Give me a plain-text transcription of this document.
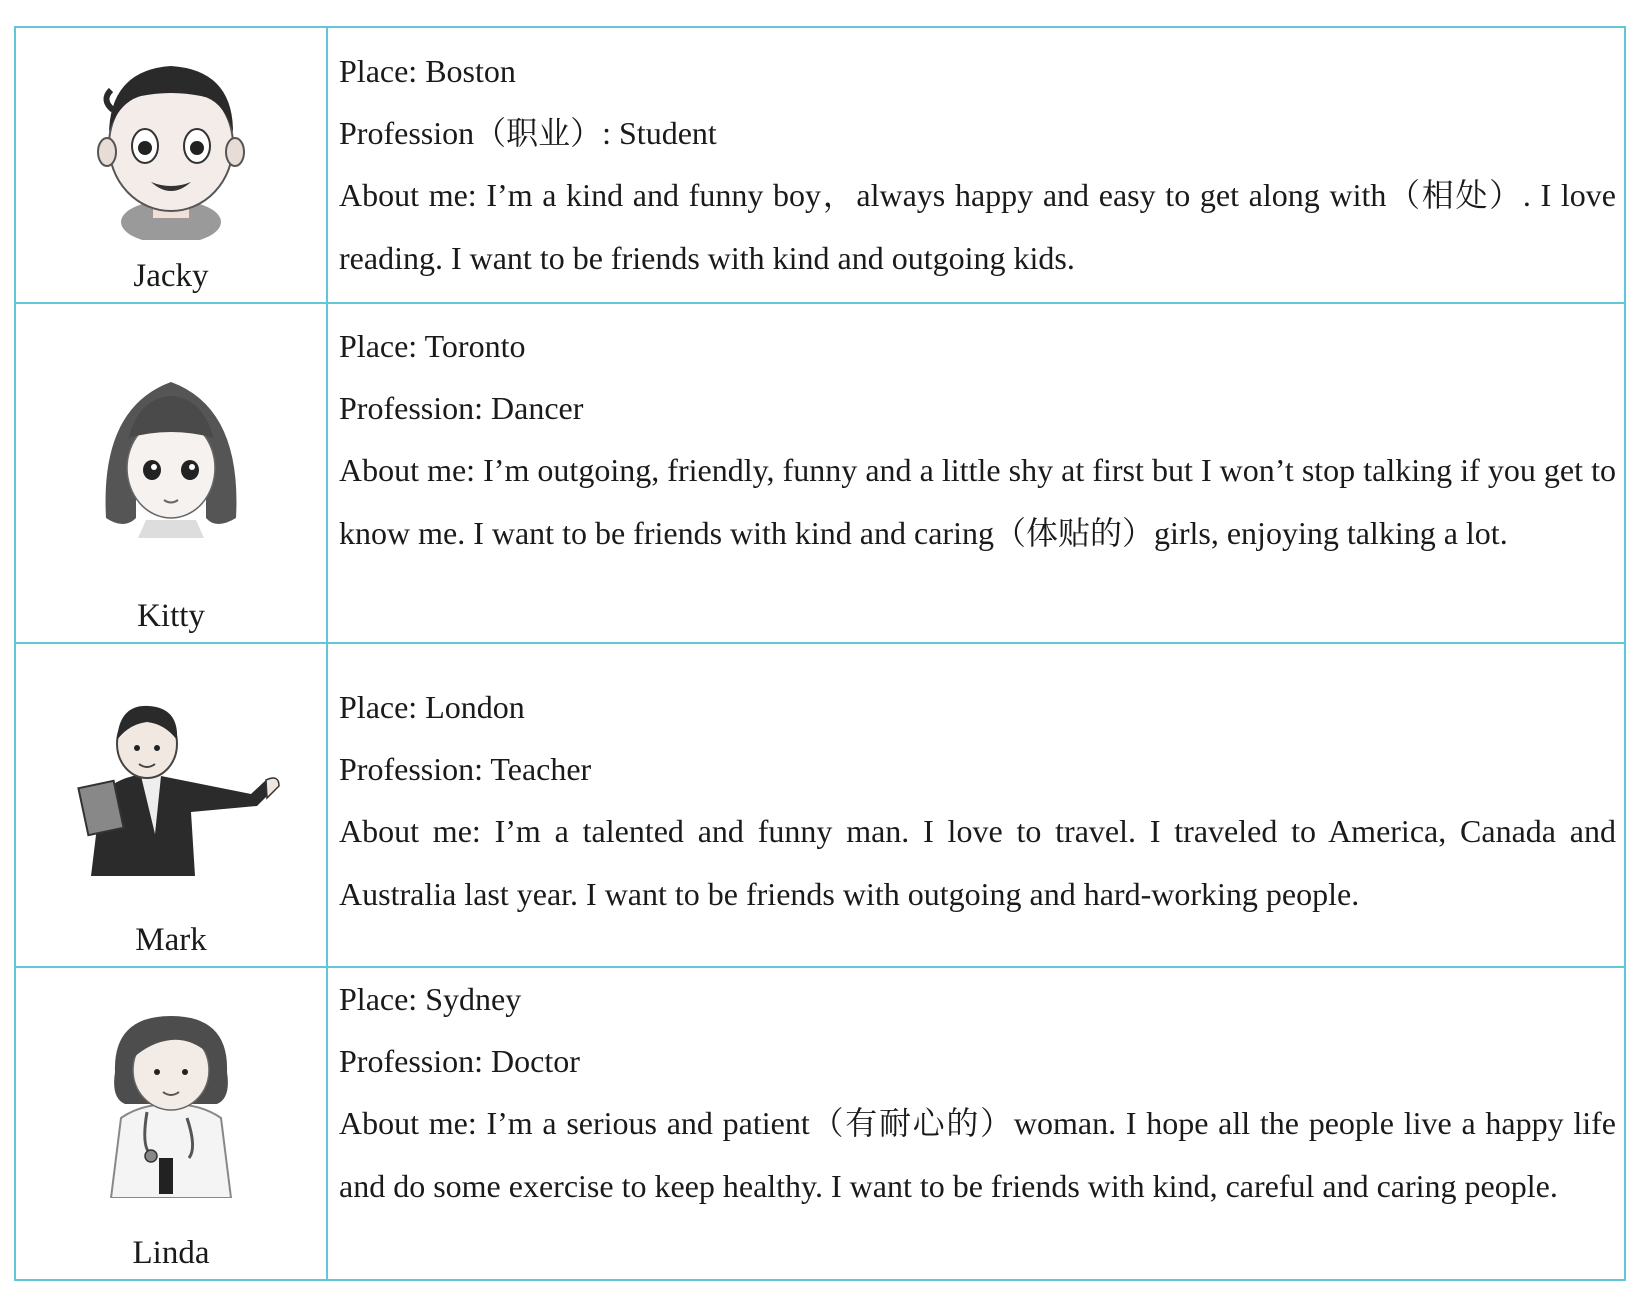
Jacky	Place: Boston

Profession（职业）: Student

About me: I’m a kind and funny boy，always happy and easy to get along with（相处）. I love reading. I want to be friends with kind and outgoing kids.

Kitty	Place: Toronto

Profession: Dancer

About me: I’m outgoing, friendly, funny and a little shy at first but I won’t stop talking if you get to know me. I want to be friends with kind and caring（体贴的）girls, enjoying talking a lot.

Mark	Place: London

Profession: Teacher

About me: I’m a talented and funny man. I love to travel. I traveled to America, Canada and Australia last year. I want to be friends with outgoing and hard-working people.

Linda	Place: Sydney

Profession: Doctor

About me: I’m a serious and patient（有耐心的）woman. I hope all the people live a happy life and do some exercise to keep healthy. I want to be friends with kind, careful and caring people.
